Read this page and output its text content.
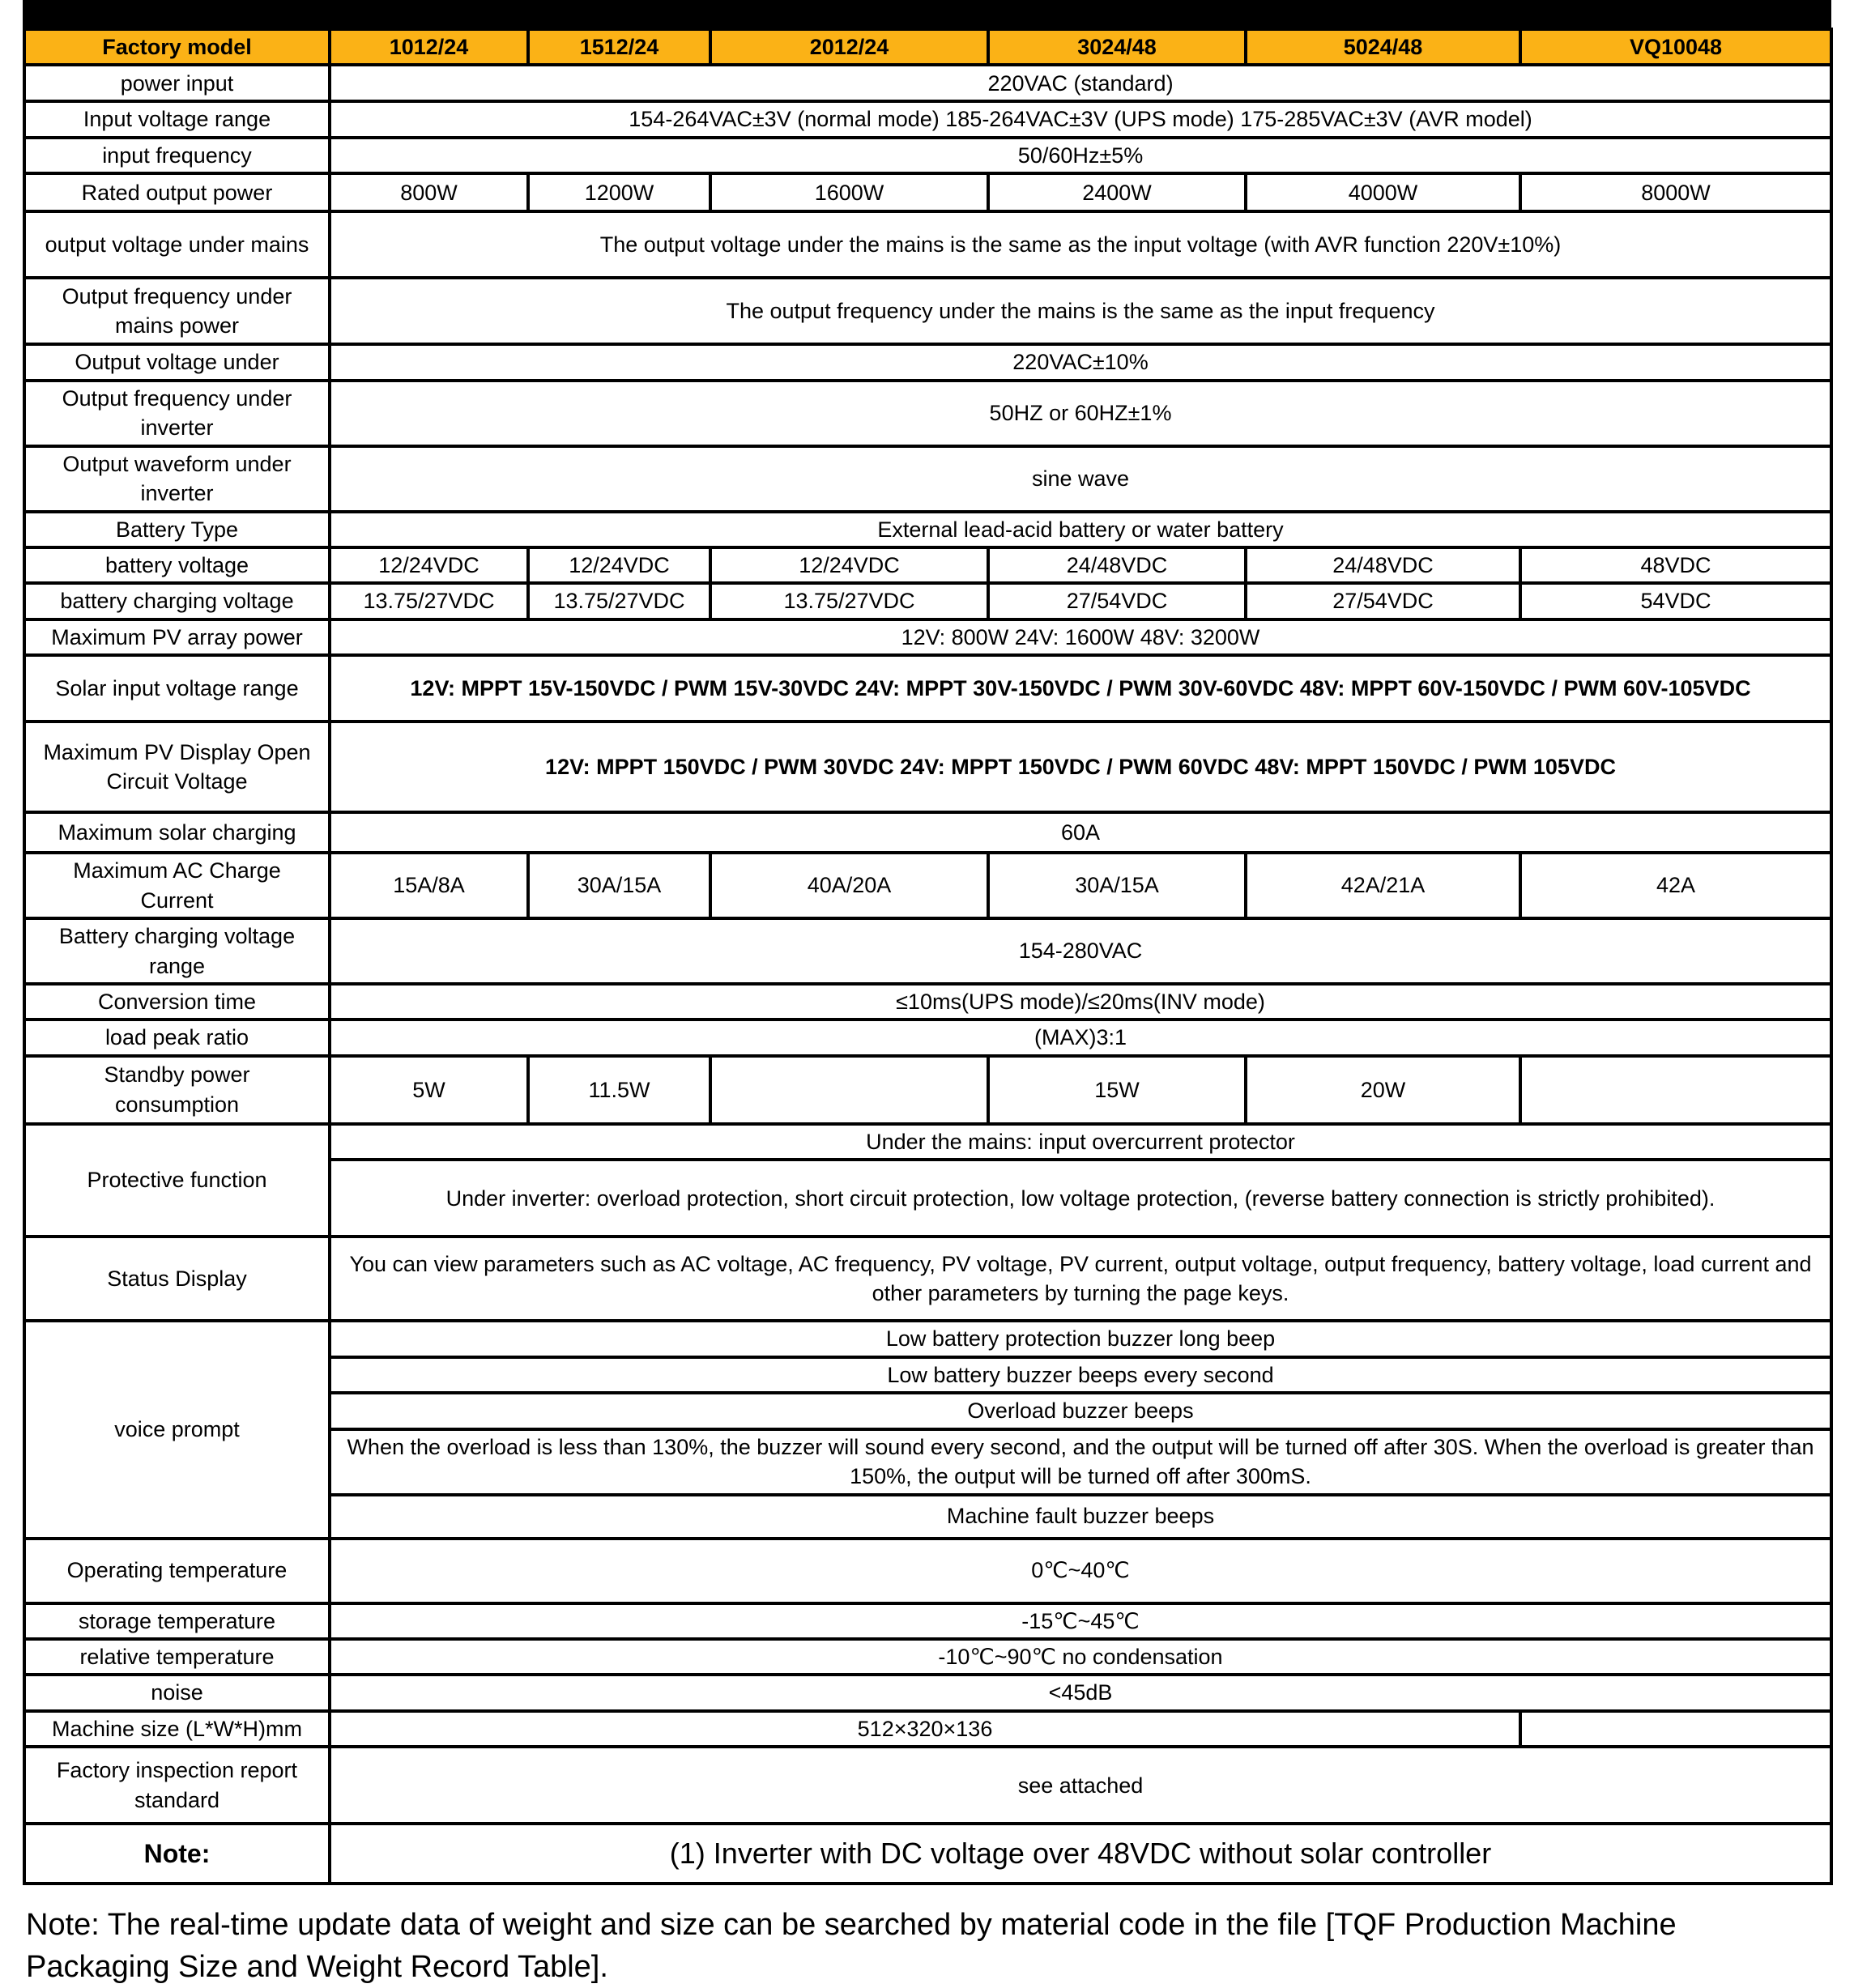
Factory model	1012/24	1512/24	2012/24	3024/48	5024/48	VQ10048
power input	220VAC (standard)					
Input voltage range	154-264VAC±3V (normal mode) 185-264VAC±3V (UPS mode) 175-285VAC±3V (AVR model)					
input frequency	50/60Hz±5%					
Rated output power	800W	1200W	1600W	2400W	4000W	8000W
output voltage under mains	The output voltage under the mains is the same as the input voltage (with AVR function 220V±10%)					
Output frequency under mains power	The output frequency under the mains is the same as the input frequency					
Output voltage under	220VAC±10%					
Output frequency under inverter	50HZ or 60HZ±1%					
Output waveform under inverter	sine wave					
Battery Type	External lead-acid battery or water battery					
battery voltage	12/24VDC	12/24VDC	12/24VDC	24/48VDC	24/48VDC	48VDC
battery charging voltage	13.75/27VDC	13.75/27VDC	13.75/27VDC	27/54VDC	27/54VDC	54VDC
Maximum PV array power	12V: 800W 24V: 1600W 48V: 3200W					
Solar input voltage range	12V: MPPT 15V-150VDC / PWM 15V-30VDC 24V: MPPT 30V-150VDC / PWM 30V-60VDC 48V: MPPT 60V-150VDC / PWM 60V-105VDC					
Maximum PV Display Open Circuit Voltage	12V: MPPT 150VDC / PWM 30VDC 24V: MPPT 150VDC / PWM 60VDC 48V: MPPT 150VDC / PWM 105VDC					
Maximum solar charging	60A					
Maximum AC Charge Current	15A/8A	30A/15A	40A/20A	30A/15A	42A/21A	42A
Battery charging voltage range	154-280VAC					
Conversion time	≤10ms(UPS mode)/≤20ms(INV mode)					
load peak ratio	(MAX)3:1					
Standby power consumption	5W	11.5W		15W	20W	
Protective function	Under the mains: input overcurrent protector					
	Under inverter: overload protection, short circuit protection, low voltage protection, (reverse battery connection is strictly prohibited).					
Status Display	You can view parameters such as AC voltage, AC frequency, PV voltage, PV current, output voltage, output frequency, battery voltage, load current and other parameters by turning the page keys.					
voice prompt	Low battery protection buzzer long beep					
	Low battery buzzer beeps every second					
	Overload buzzer beeps					
	When the overload is less than 130%, the buzzer will sound every second, and the output will be turned off after 30S. When the overload is greater than 150%, the output will be turned off after 300mS.					
	Machine fault buzzer beeps					
Operating temperature	0℃~40℃					
storage temperature	-15℃~45℃					
relative temperature	-10℃~90℃ no condensation					
noise	<45dB					
Machine size (L*W*H)mm	512×320×136					
Factory inspection report standard	see attached					
Note:	(1) Inverter with DC voltage over 48VDC without solar controller					
Note: The real-time update data of weight and size can be searched by material code in the file [TQF Production Machine Packaging Size and Weight Record Table].
